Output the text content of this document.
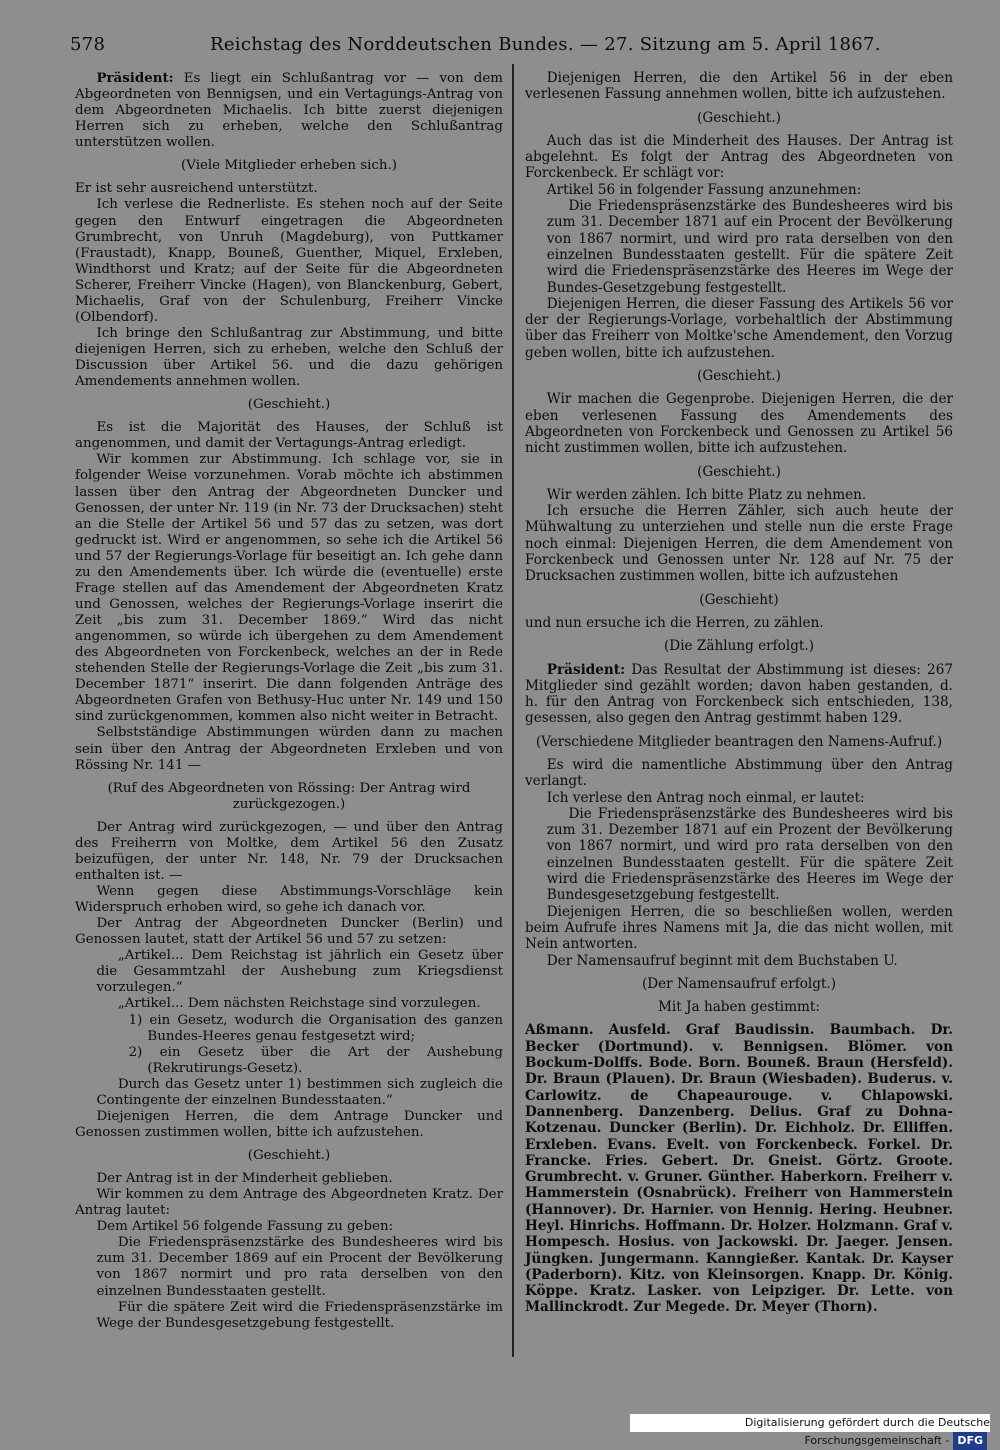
578	Reichstag des Norddeutschen Bundes. — 27. Sitzung am 5. April 1867.

Präsident: Es liegt ein Schlußantrag vor — von dem Abgeordneten von Bennigsen, und ein Vertagungs-Antrag von dem Abgeordneten Michaelis. Ich bitte zuerst diejenigen Herren sich zu erheben, welche den Schlußantrag unterstützen wollen.

(Viele Mitglieder erheben sich.)

Er ist sehr ausreichend unterstützt.

Ich verlese die Rednerliste. Es stehen noch auf der Seite gegen den Entwurf eingetragen die Abgeordneten Grumbrecht, von Unruh (Magdeburg), von Puttkamer (Fraustadt), Knapp, Bouneß, Guenther, Miquel, Erxleben, Windthorst und Kratz; auf der Seite für die Abgeordneten Scherer, Freiherr Vincke (Hagen), von Blanckenburg, Gebert, Michaelis, Graf von der Schulenburg, Freiherr Vincke (Olbendorf).

Ich bringe den Schlußantrag zur Abstimmung, und bitte diejenigen Herren, sich zu erheben, welche den Schluß der Discussion über Artikel 56. und die dazu gehörigen Amendements annehmen wollen.

(Geschieht.)

Es ist die Majorität des Hauses, der Schluß ist angenommen, und damit der Vertagungs-Antrag erledigt.

Wir kommen zur Abstimmung. Ich schlage vor, sie in folgender Weise vorzunehmen. Vorab möchte ich abstimmen lassen über den Antrag der Abgeordneten Duncker und Genossen, der unter Nr. 119 (in Nr. 73 der Drucksachen) steht an die Stelle der Artikel 56 und 57 das zu setzen, was dort gedruckt ist. Wird er angenommen, so sehe ich die Artikel 56 und 57 der Regierungs-Vorlage für beseitigt an. Ich gehe dann zu den Amendements über. Ich würde die (eventuelle) erste Frage stellen auf das Amendement der Abgeordneten Kratz und Genossen, welches der Regierungs-Vorlage inserirt die Zeit „bis zum 31. December 1869.“ Wird das nicht angenommen, so würde ich übergehen zu dem Amendement des Abgeordneten von Forckenbeck, welches an der in Rede stehenden Stelle der Regierungs-Vorlage die Zeit „bis zum 31. December 1871“ inserirt. Die dann folgenden Anträge des Abgeordneten Grafen von Bethusy-Huc unter Nr. 149 und 150 sind zurückgenommen, kommen also nicht weiter in Betracht.

Selbstständige Abstimmungen würden dann zu machen sein über den Antrag der Abgeordneten Erxleben und von Rössing Nr. 141 —

(Ruf des Abgeordneten von Rössing: Der Antrag wird zurückgezogen.)

Der Antrag wird zurückgezogen, — und über den Antrag des Freiherrn von Moltke, dem Artikel 56 den Zusatz beizufügen, der unter Nr. 148, Nr. 79 der Drucksachen enthalten ist. —

Wenn gegen diese Abstimmungs-Vorschläge kein Widerspruch erhoben wird, so gehe ich danach vor.

Der Antrag der Abgeordneten Duncker (Berlin) und Genossen lautet, statt der Artikel 56 und 57 zu setzen:

„Artikel... Dem Reichstag ist jährlich ein Gesetz über die Gesammtzahl der Aushebung zum Kriegsdienst vorzulegen.“

„Artikel... Dem nächsten Reichstage sind vorzulegen.

1) ein Gesetz, wodurch die Organisation des ganzen Bundes-Heeres genau festgesetzt wird;

2) ein Gesetz über die Art der Aushebung (Rekrutirungs-Gesetz).

Durch das Gesetz unter 1) bestimmen sich zugleich die Contingente der einzelnen Bundesstaaten.“

Diejenigen Herren, die dem Antrage Duncker und Genossen zustimmen wollen, bitte ich aufzustehen.

(Geschieht.)

Der Antrag ist in der Minderheit geblieben.

Wir kommen zu dem Antrage des Abgeordneten Kratz. Der Antrag lautet:

Dem Artikel 56 folgende Fassung zu geben:

Die Friedenspräsenzstärke des Bundesheeres wird bis zum 31. December 1869 auf ein Procent der Bevölkerung von 1867 normirt und pro rata derselben von den einzelnen Bundesstaaten gestellt.

Für die spätere Zeit wird die Friedenspräsenzstärke im Wege der Bundesgesetzgebung festgestellt.

Diejenigen Herren, die den Artikel 56 in der eben verlesenen Fassung annehmen wollen, bitte ich aufzustehen.

(Geschieht.)

Auch das ist die Minderheit des Hauses. Der Antrag ist abgelehnt. Es folgt der Antrag des Abgeordneten von Forckenbeck. Er schlägt vor:

Artikel 56 in folgender Fassung anzunehmen:

Die Friedenspräsenzstärke des Bundesheeres wird bis zum 31. December 1871 auf ein Procent der Bevölkerung von 1867 normirt, und wird pro rata derselben von den einzelnen Bundesstaaten gestellt. Für die spätere Zeit wird die Friedenspräsenzstärke des Heeres im Wege der Bundes-Gesetzgebung festgestellt.

Diejenigen Herren, die dieser Fassung des Artikels 56 vor der der Regierungs-Vorlage, vorbehaltlich der Abstimmung über das Freiherr von Moltke'sche Amendement, den Vorzug geben wollen, bitte ich aufzustehen.

(Geschieht.)

Wir machen die Gegenprobe. Diejenigen Herren, die der eben verlesenen Fassung des Amendements des Abgeordneten von Forckenbeck und Genossen zu Artikel 56 nicht zustimmen wollen, bitte ich aufzustehen.

(Geschieht.)

Wir werden zählen. Ich bitte Platz zu nehmen.

Ich ersuche die Herren Zähler, sich auch heute der Mühwaltung zu unterziehen und stelle nun die erste Frage noch einmal: Diejenigen Herren, die dem Amendement von Forckenbeck und Genossen unter Nr. 128 auf Nr. 75 der Drucksachen zustimmen wollen, bitte ich aufzustehen

(Geschieht)

und nun ersuche ich die Herren, zu zählen.

(Die Zählung erfolgt.)

Präsident: Das Resultat der Abstimmung ist dieses: 267 Mitglieder sind gezählt worden; davon haben gestanden, d. h. für den Antrag von Forckenbeck sich entschieden, 138, gesessen, also gegen den Antrag gestimmt haben 129.

(Verschiedene Mitglieder beantragen den Namens-Aufruf.)

Es wird die namentliche Abstimmung über den Antrag verlangt.

Ich verlese den Antrag noch einmal, er lautet:

Die Friedenspräsenzstärke des Bundesheeres wird bis zum 31. Dezember 1871 auf ein Prozent der Bevölkerung von 1867 normirt, und wird pro rata derselben von den einzelnen Bundesstaaten gestellt. Für die spätere Zeit wird die Friedenspräsenzstärke des Heeres im Wege der Bundesgesetzgebung festgestellt.

Diejenigen Herren, die so beschließen wollen, werden beim Aufrufe ihres Namens mit Ja, die das nicht wollen, mit Nein antworten.

Der Namensaufruf beginnt mit dem Buchstaben U.

(Der Namensaufruf erfolgt.)

Mit Ja haben gestimmt:

Aßmann. Ausfeld. Graf Baudissin. Baumbach. Dr. Becker (Dortmund). v. Bennigsen. Blömer. von Bockum-Dolffs. Bode. Born. Bouneß. Braun (Hersfeld). Dr. Braun (Plauen). Dr. Braun (Wiesbaden). Buderus. v. Carlowitz. de Chapeaurouge. v. Chlapowski. Dannenberg. Danzenberg. Delius. Graf zu Dohna-Kotzenau. Duncker (Berlin). Dr. Eichholz. Dr. Elliffen. Erxleben. Evans. Evelt. von Forckenbeck. Forkel. Dr. Francke. Fries. Gebert. Dr. Gneist. Görtz. Groote. Grumbrecht. v. Gruner. Günther. Haberkorn. Freiherr v. Hammerstein (Osnabrück). Freiherr von Hammerstein (Hannover). Dr. Harnier. von Hennig. Hering. Heubner. Heyl. Hinrichs. Hoffmann. Dr. Holzer. Holzmann. Graf v. Hompesch. Hosius. von Jackowski. Dr. Jaeger. Jensen. Jüngken. Jungermann. Kanngießer. Kantak. Dr. Kayser (Paderborn). Kitz. von Kleinsorgen. Knapp. Dr. König. Köppe. Kratz. Lasker. von Leipziger. Dr. Lette. von Mallinckrodt. Zur Megede. Dr. Meyer (Thorn).

Digitalisierung gefördert durch die Deutsche Forschungsgemeinschaft - DFG
